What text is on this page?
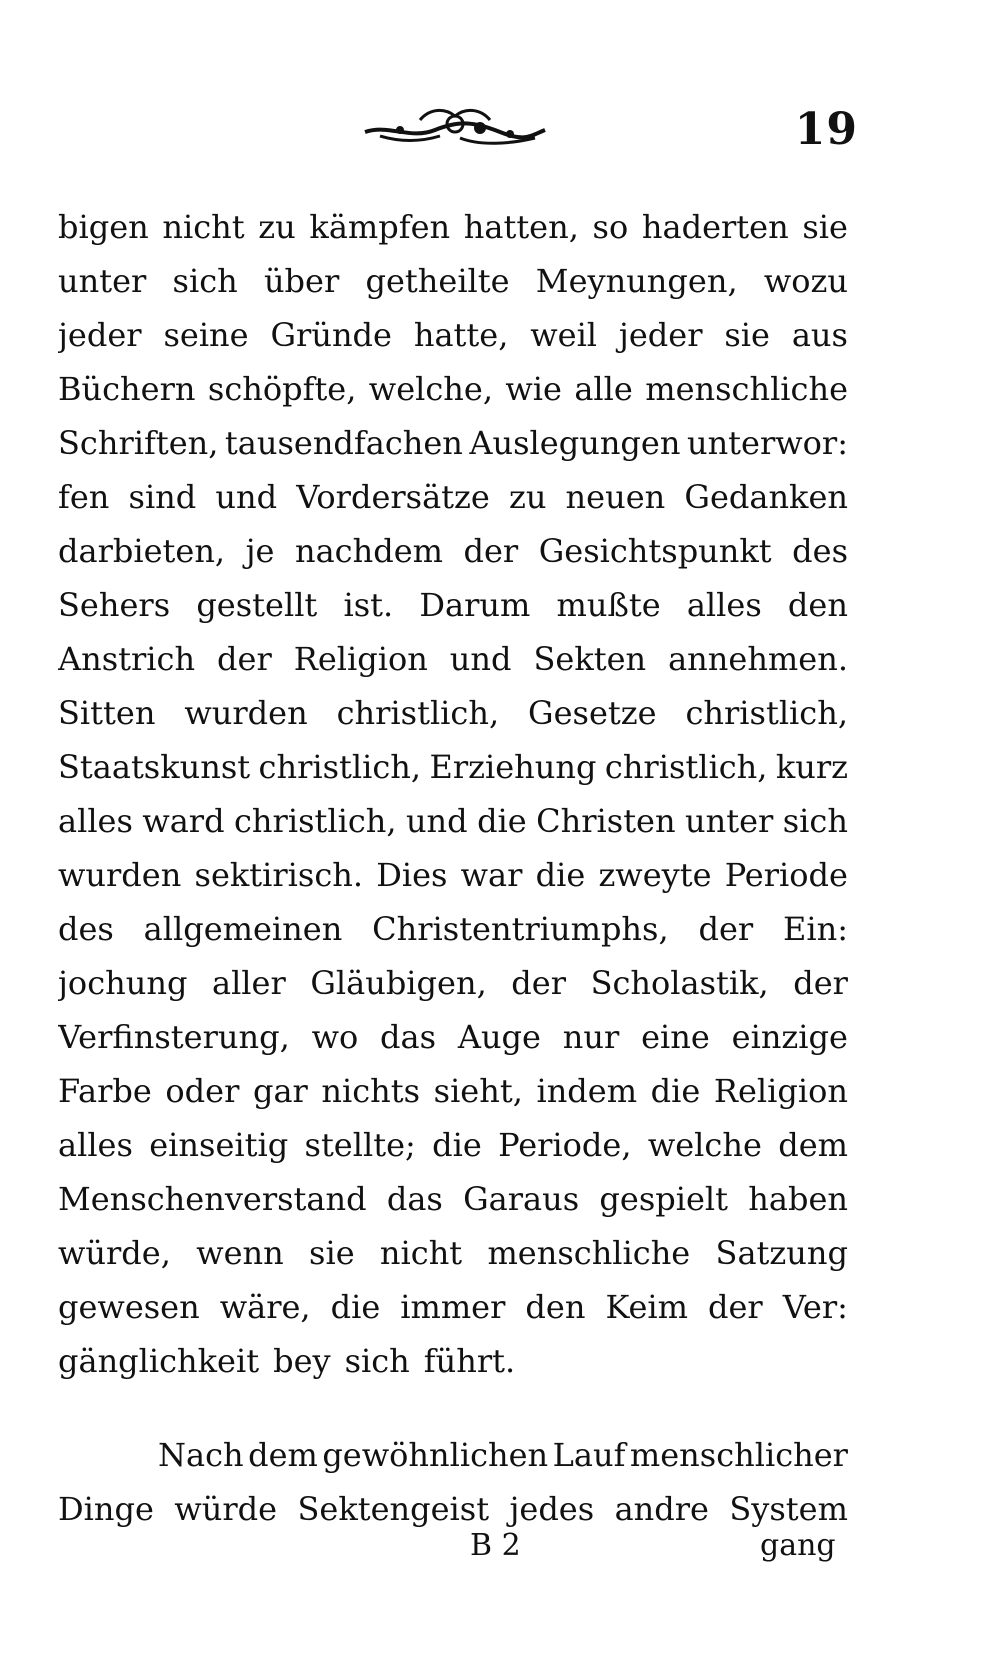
19
bigen nicht zu kämpfen hatten, so haderten sie
unter sich über getheilte Meynungen, wozu
jeder seine Gründe hatte, weil jeder sie aus
Büchern schöpfte, welche, wie alle menschliche
Schriften, tausendfachen Auslegungen unterwor:
fen sind und Vordersätze zu neuen Gedanken
darbieten, je nachdem der Gesichtspunkt des
Sehers gestellt ist. Darum mußte alles den
Anstrich der Religion und Sekten annehmen.
Sitten wurden christlich, Gesetze christlich,
Staatskunst christlich, Erziehung christlich, kurz
alles ward christlich, und die Christen unter sich
wurden sektirisch. Dies war die zweyte Periode
des allgemeinen Christentriumphs, der Ein:
jochung aller Gläubigen, der Scholastik, der
Verfinsterung, wo das Auge nur eine einzige
Farbe oder gar nichts sieht, indem die Religion
alles einseitig stellte; die Periode, welche dem
Menschenverstand das Garaus gespielt haben
würde, wenn sie nicht menschliche Satzung
gewesen wäre, die immer den Keim der Ver:
gänglichkeit bey sich führt.
Nach dem gewöhnlichen Lauf menschlicher
Dinge würde Sektengeist jedes andre System
B 2	gang
